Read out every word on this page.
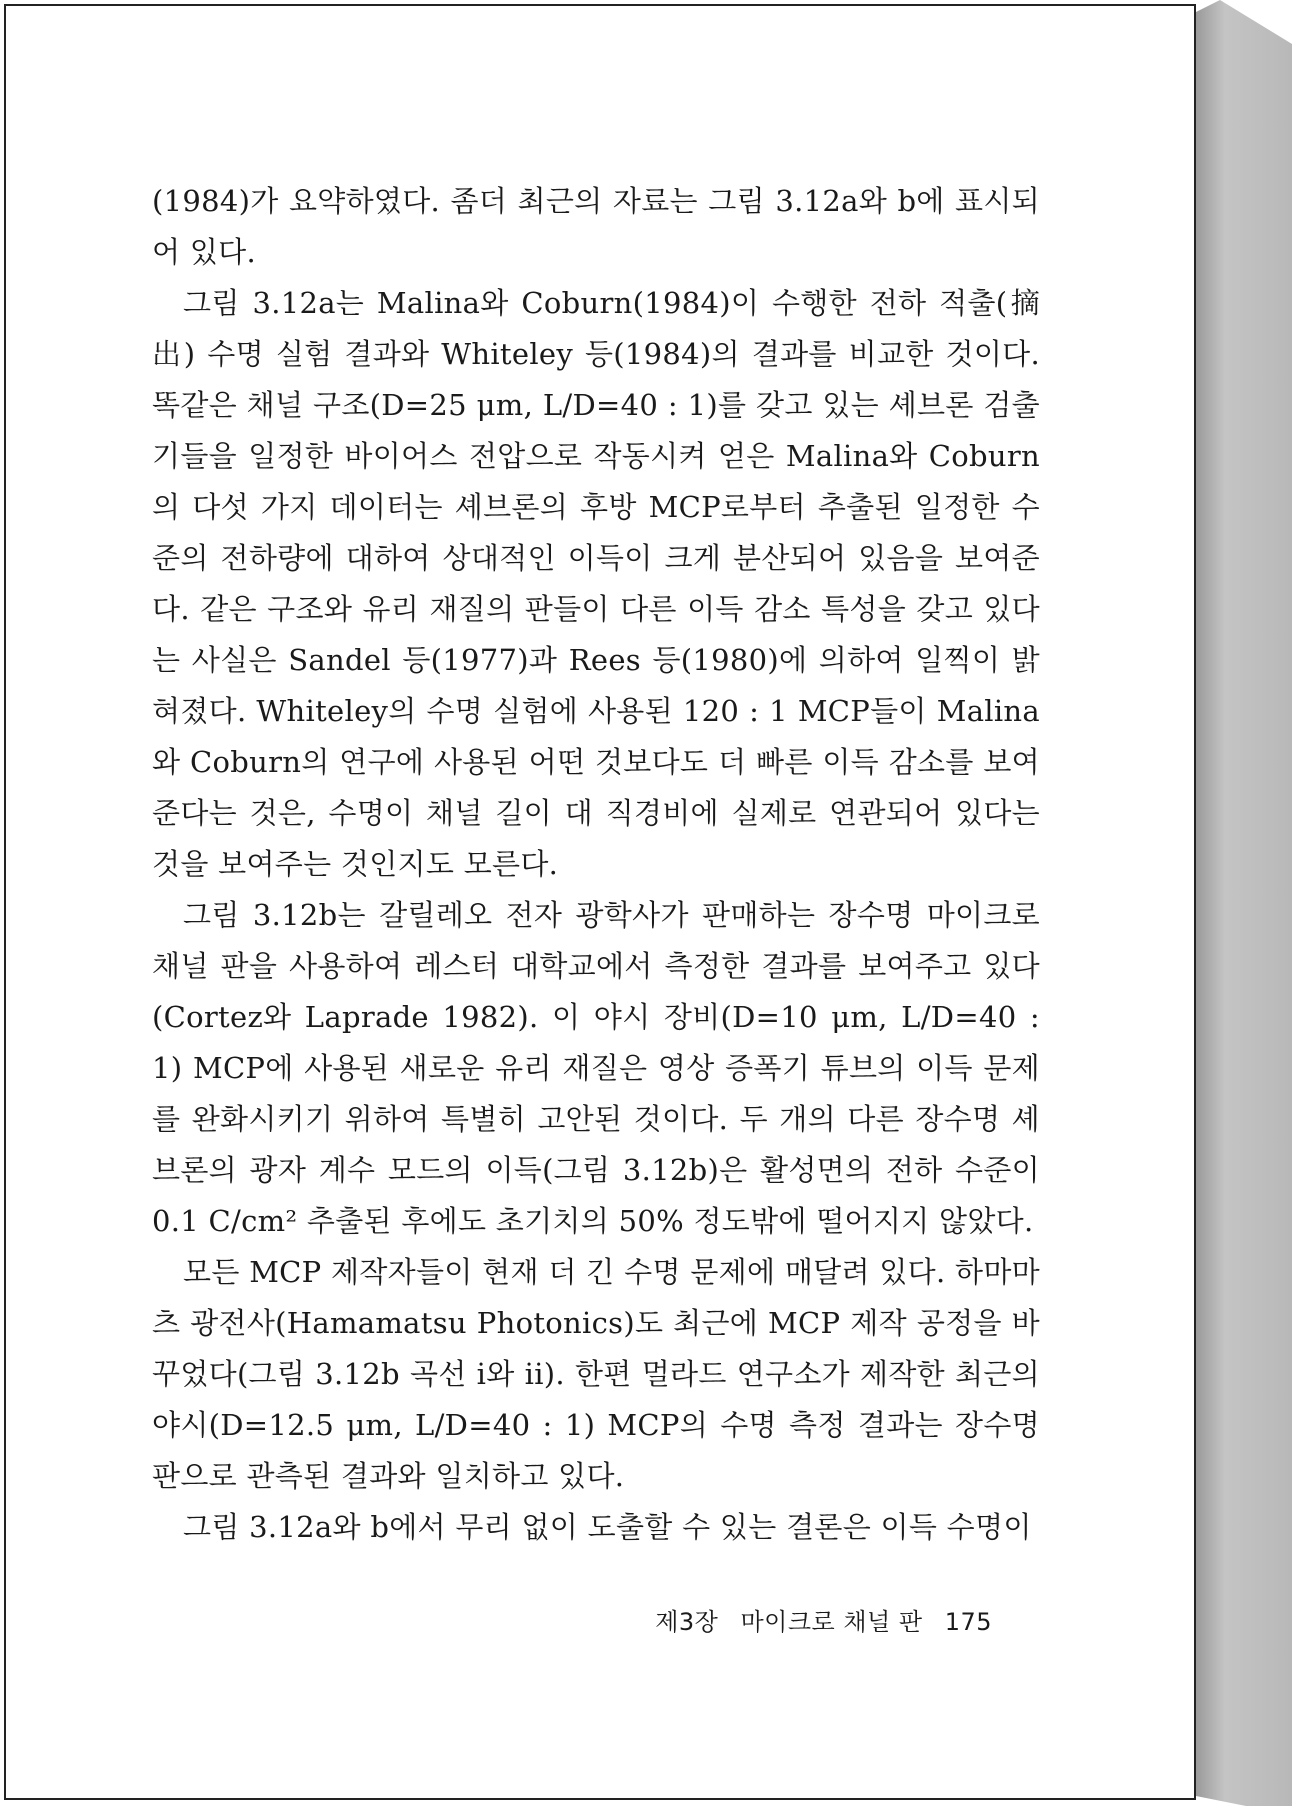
(1984)가 요약하였다. 좀더 최근의 자료는 그림 3.12a와 b에 표시되어 있다.

그림 3.12a는 Malina와 Coburn(1984)이 수행한 전하 적출(摘出) 수명 실험 결과와 Whiteley 등(1984)의 결과를 비교한 것이다. 똑같은 채널 구조(D=25 μm, L/D=40 : 1)를 갖고 있는 셰브론 검출기들을 일정한 바이어스 전압으로 작동시켜 얻은 Malina와 Coburn의 다섯 가지 데이터는 셰브론의 후방 MCP로부터 추출된 일정한 수준의 전하량에 대하여 상대적인 이득이 크게 분산되어 있음을 보여준다. 같은 구조와 유리 재질의 판들이 다른 이득 감소 특성을 갖고 있다는 사실은 Sandel 등(1977)과 Rees 등(1980)에 의하여 일찍이 밝혀졌다. Whiteley의 수명 실험에 사용된 120 : 1 MCP들이 Malina와 Coburn의 연구에 사용된 어떤 것보다도 더 빠른 이득 감소를 보여준다는 것은, 수명이 채널 길이 대 직경비에 실제로 연관되어 있다는 것을 보여주는 것인지도 모른다.

그림 3.12b는 갈릴레오 전자 광학사가 판매하는 장수명 마이크로 채널 판을 사용하여 레스터 대학교에서 측정한 결과를 보여주고 있다(Cortez와 Laprade 1982). 이 야시 장비(D=10 μm, L/D=40 : 1) MCP에 사용된 새로운 유리 재질은 영상 증폭기 튜브의 이득 문제를 완화시키기 위하여 특별히 고안된 것이다. 두 개의 다른 장수명 셰브론의 광자 계수 모드의 이득(그림 3.12b)은 활성면의 전하 수준이 0.1 C/cm² 추출된 후에도 초기치의 50% 정도밖에 떨어지지 않았다.

모든 MCP 제작자들이 현재 더 긴 수명 문제에 매달려 있다. 하마마츠 광전사(Hamamatsu Photonics)도 최근에 MCP 제작 공정을 바꾸었다(그림 3.12b 곡선 i와 ii). 한편 멀라드 연구소가 제작한 최근의 야시(D=12.5 μm, L/D=40 : 1) MCP의 수명 측정 결과는 장수명 판으로 관측된 결과와 일치하고 있다.

그림 3.12a와 b에서 무리 없이 도출할 수 있는 결론은 이득 수명이

제3장 마이크로 채널 판 175
